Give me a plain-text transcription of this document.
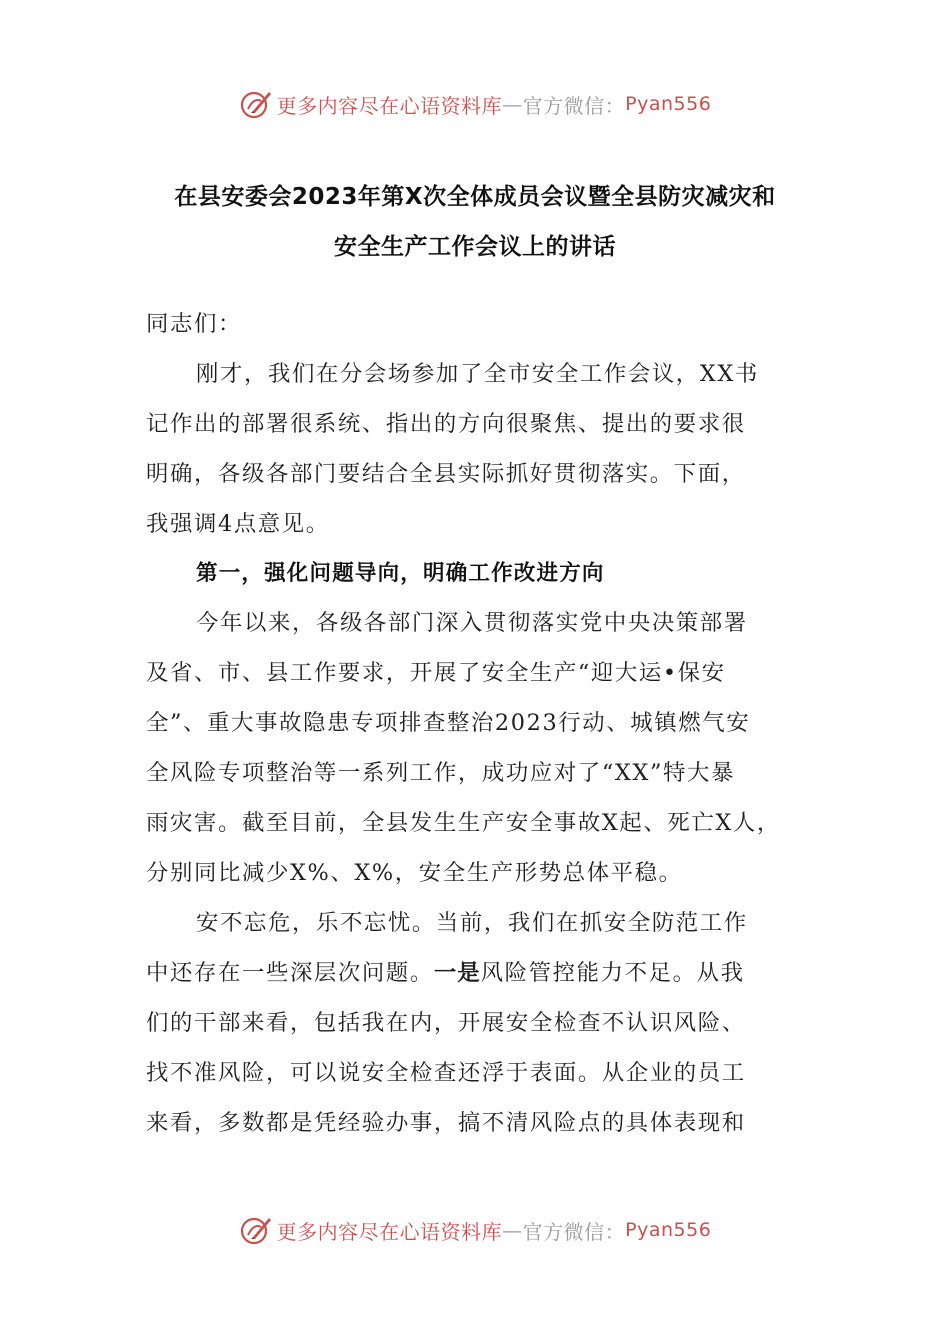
更多内容尽在心语资料库 — 官方微信： Pyan556
在县安委会2023年第X次全体成员会议暨全县防灾减灾和
安全生产工作会议上的讲话
同志们：
刚才，我们在分会场参加了全市安全工作会议，XX书
记作出的部署很系统、指出的方向很聚焦、提出的要求很
明确，各级各部门要结合全县实际抓好贯彻落实。下面，
我强调4点意见。
第一，强化问题导向，明确工作改进方向
今年以来，各级各部门深入贯彻落实党中央决策部署
及省、市、县工作要求，开展了安全生产“迎大运•保安
全”、重大事故隐患专项排查整治2023行动、城镇燃气安
全风险专项整治等一系列工作，成功应对了“XX”特大暴
雨灾害。截至目前，全县发生生产安全事故X起、死亡X人，
分别同比减少X%、X%，安全生产形势总体平稳。
安不忘危，乐不忘忧。当前，我们在抓安全防范工作
中还存在一些深层次问题。一是风险管控能力不足。从我
们的干部来看，包括我在内，开展安全检查不认识风险、
找不准风险，可以说安全检查还浮于表面。从企业的员工
来看，多数都是凭经验办事，搞不清风险点的具体表现和
更多内容尽在心语资料库 — 官方微信： Pyan556
